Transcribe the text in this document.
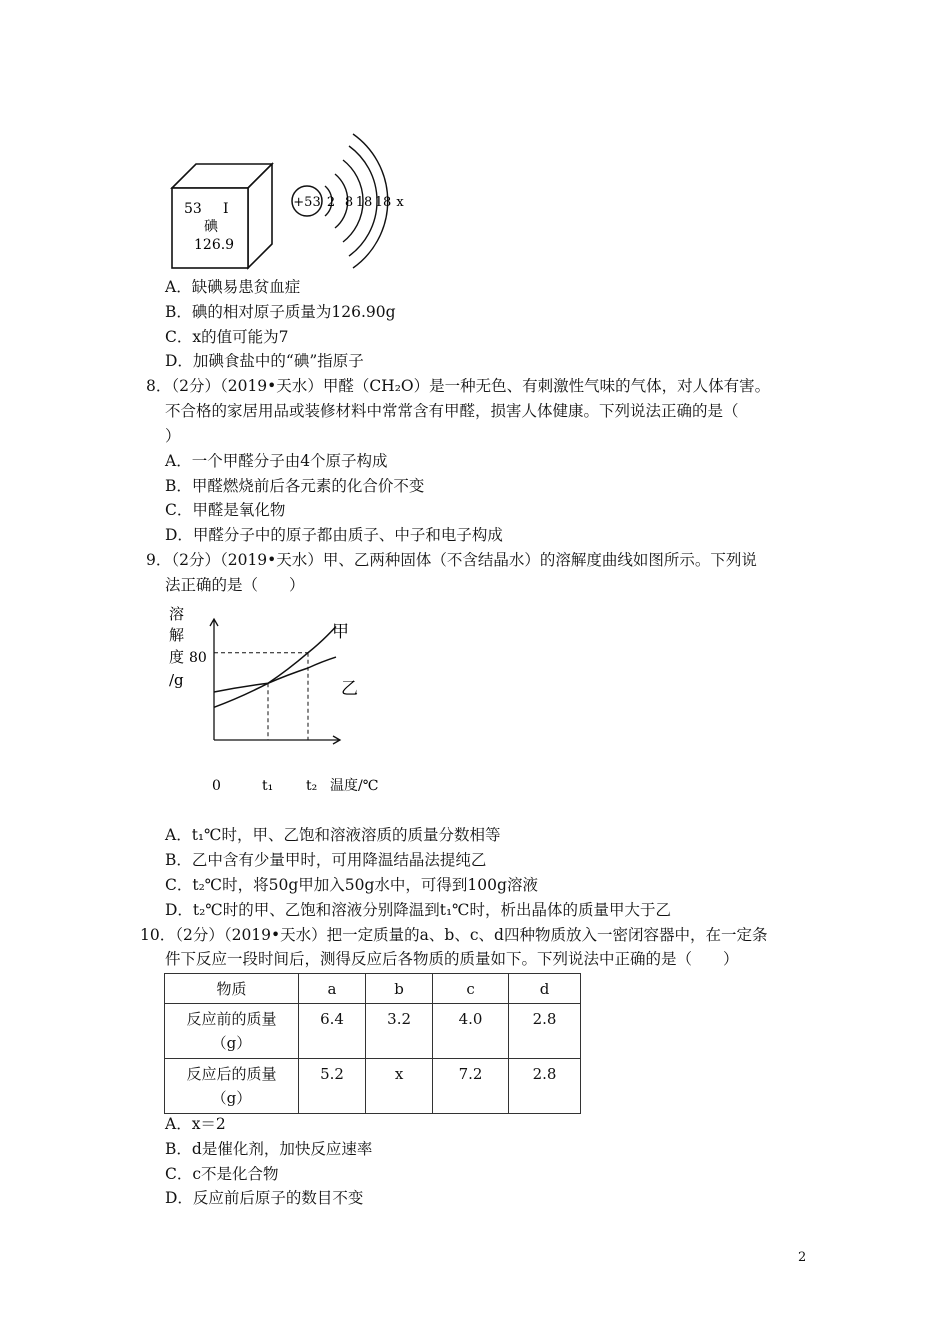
53 I
碘
126.9
+53 2 8 18 18 x
A．缺碘易患贫血症
B．碘的相对原子质量为126.90g
C．x的值可能为7
D．加碘食盐中的“碘”指原子
8．（2分）（2019•天水）甲醛（CH₂O）是一种无色、有刺激性气味的气体，对人体有害。
不合格的家居用品或装修材料中常常含有甲醛，损害人体健康。下列说法正确的是（
）
A．一个甲醛分子由4个原子构成
B．甲醛燃烧前后各元素的化合价不变
C．甲醛是氧化物
D．甲醛分子中的原子都由质子、中子和电子构成
9．（2分）（2019•天水）甲、乙两种固体（不含结晶水）的溶解度曲线如图所示。下列说
法正确的是（　　）
溶
解
度
/g
80
0	t₁ t₂ 温度/℃
甲
乙
A．t₁℃时，甲、乙饱和溶液溶质的质量分数相等
B．乙中含有少量甲时，可用降温结晶法提纯乙
C．t₂℃时，将50g甲加入50g水中，可得到100g溶液
D．t₂℃时的甲、乙饱和溶液分别降温到t₁℃时，析出晶体的质量甲大于乙
10．（2分）（2019•天水）把一定质量的a、b、c、d四种物质放入一密闭容器中，在一定条
件下反应一段时间后，测得反应后各物质的质量如下。下列说法中正确的是（　　）
物质	a	b	c	d

反应前的质量
（g）	6.4	3.2	4.0	2.8

反应后的质量
（g）	5.2	x	7.2	2.8
A．x＝2
B．d是催化剂，加快反应速率
C．c不是化合物
D．反应前后原子的数目不变
2
